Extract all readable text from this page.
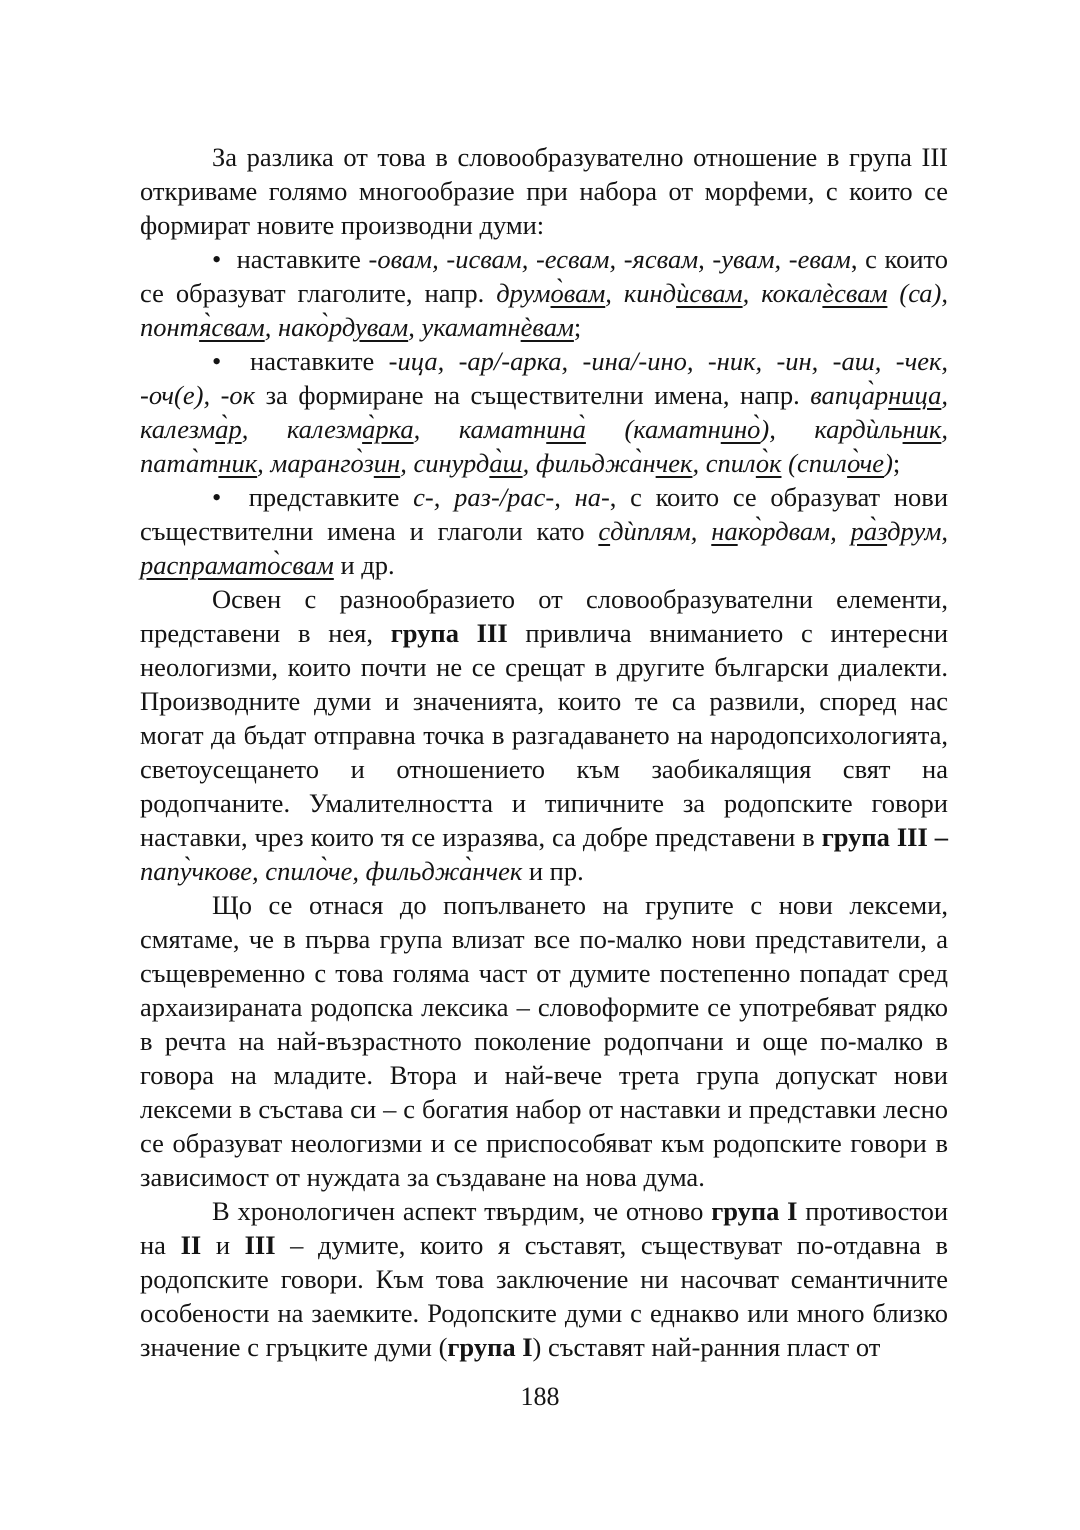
За разлика от това в словообразувателно отношение в група III откриваме голямо многообразие при набора от морфеми, с които се формират новите производни думи:

•  наставките -овам, -исвам, -есвам, -ясвам, -увам, -евам, с които се образуват глаголите, напр. друмо̀вам, киндѝсвам, кокалѐсвам (са), понтя̀свам, нако̀рдувам, укаматнѐвам;

•  наставките -ица, -ар/-арка, -ина/-ино, -ник, -ин, -аш, -чек, -оч(е), -ок за формиране на съществителни имена, напр. вапца̀рница, калезма̀р, калезма̀рка, каматнина̀ (каматнино̀), кардѝльник, пата̀тник, маранго̀зин, синурда̀ш, фильджа̀нчек, спило̀к (спило̀че);

•  представките с-, раз-/рас-, на-, с които се образуват нови съществителни имена и глаголи като сдѝплям, нако̀рдвам, ра̀здрум, распрамато̀свам и др.

Освен с разнообразието от словообразувателни елементи, представени в нея, група III привлича вниманието с интересни неологизми, които почти не се срещат в другите български диалекти. Производните думи и значенията, които те са развили, според нас могат да бъдат отправна точка в разгадаването на народопсихологията, светоусещането и отношението към заобикалящия свят на родопчаните. Умалителността и типичните за родопските говори наставки, чрез които тя се изразява, са добре представени в група III – папу̀чкове, спило̀че, фильджа̀нчек и пр.

Що се отнася до попълването на групите с нови лексеми, смятаме, че в първа група влизат все по-малко нови представители, а същевременно с това голяма част от думите постепенно попадат сред архаизираната родопска лексика – словоформите се употребяват рядко в речта на най-възрастното поколение родопчани и още по-малко в говора на младите. Втора и най-вече трета група допускат нови лексеми в състава си – с богатия набор от наставки и представки лесно се образуват неологизми и се приспособяват към родопските говори в зависимост от нуждата за създаване на нова дума.

В хронологичен аспект твърдим, че отново група I противостои на II и III – думите, които я съставят, съществуват по-отдавна в родопските говори. Към това заключение ни насочват семантичните особености на заемките. Родопските думи с еднакво или много близко значение с гръцките думи (група I) съставят най-ранния пласт от

188
